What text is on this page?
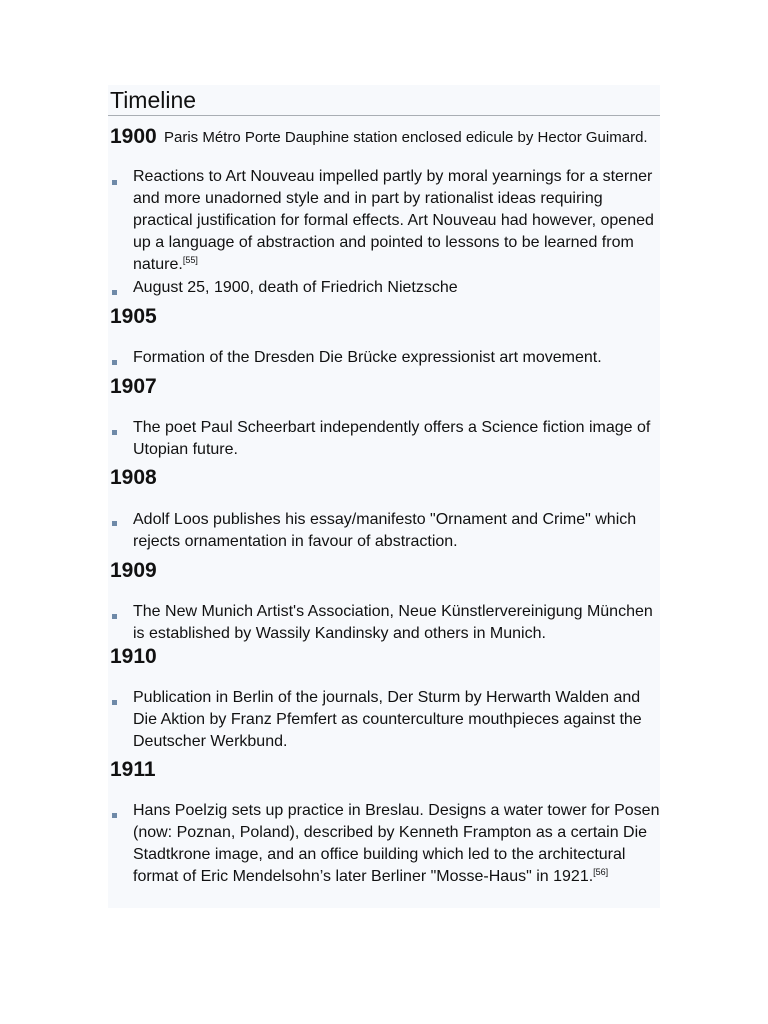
Timeline
1900 Paris Métro Porte Dauphine station enclosed edicule by Hector Guimard.
Reactions to Art Nouveau impelled partly by moral yearnings for a sterner and more unadorned style and in part by rationalist ideas requiring practical justification for formal effects. Art Nouveau had however, opened up a language of abstraction and pointed to lessons to be learned from nature.[55]
August 25, 1900, death of Friedrich Nietzsche
1905
Formation of the Dresden Die Brücke expressionist art movement.
1907
The poet Paul Scheerbart independently offers a Science fiction image of Utopian future.
1908
Adolf Loos publishes his essay/manifesto "Ornament and Crime" which rejects ornamentation in favour of abstraction.
1909
The New Munich Artist's Association, Neue Künstlervereinigung München is established by Wassily Kandinsky and others in Munich.
1910
Publication in Berlin of the journals, Der Sturm by Herwarth Walden and Die Aktion by Franz Pfemfert as counterculture mouthpieces against the Deutscher Werkbund.
1911
Hans Poelzig sets up practice in Breslau. Designs a water tower for Posen (now: Poznan, Poland), described by Kenneth Frampton as a certain Die Stadtkrone image, and an office building which led to the architectural format of Eric Mendelsohn’s later Berliner "Mosse-Haus" in 1921.[56]
